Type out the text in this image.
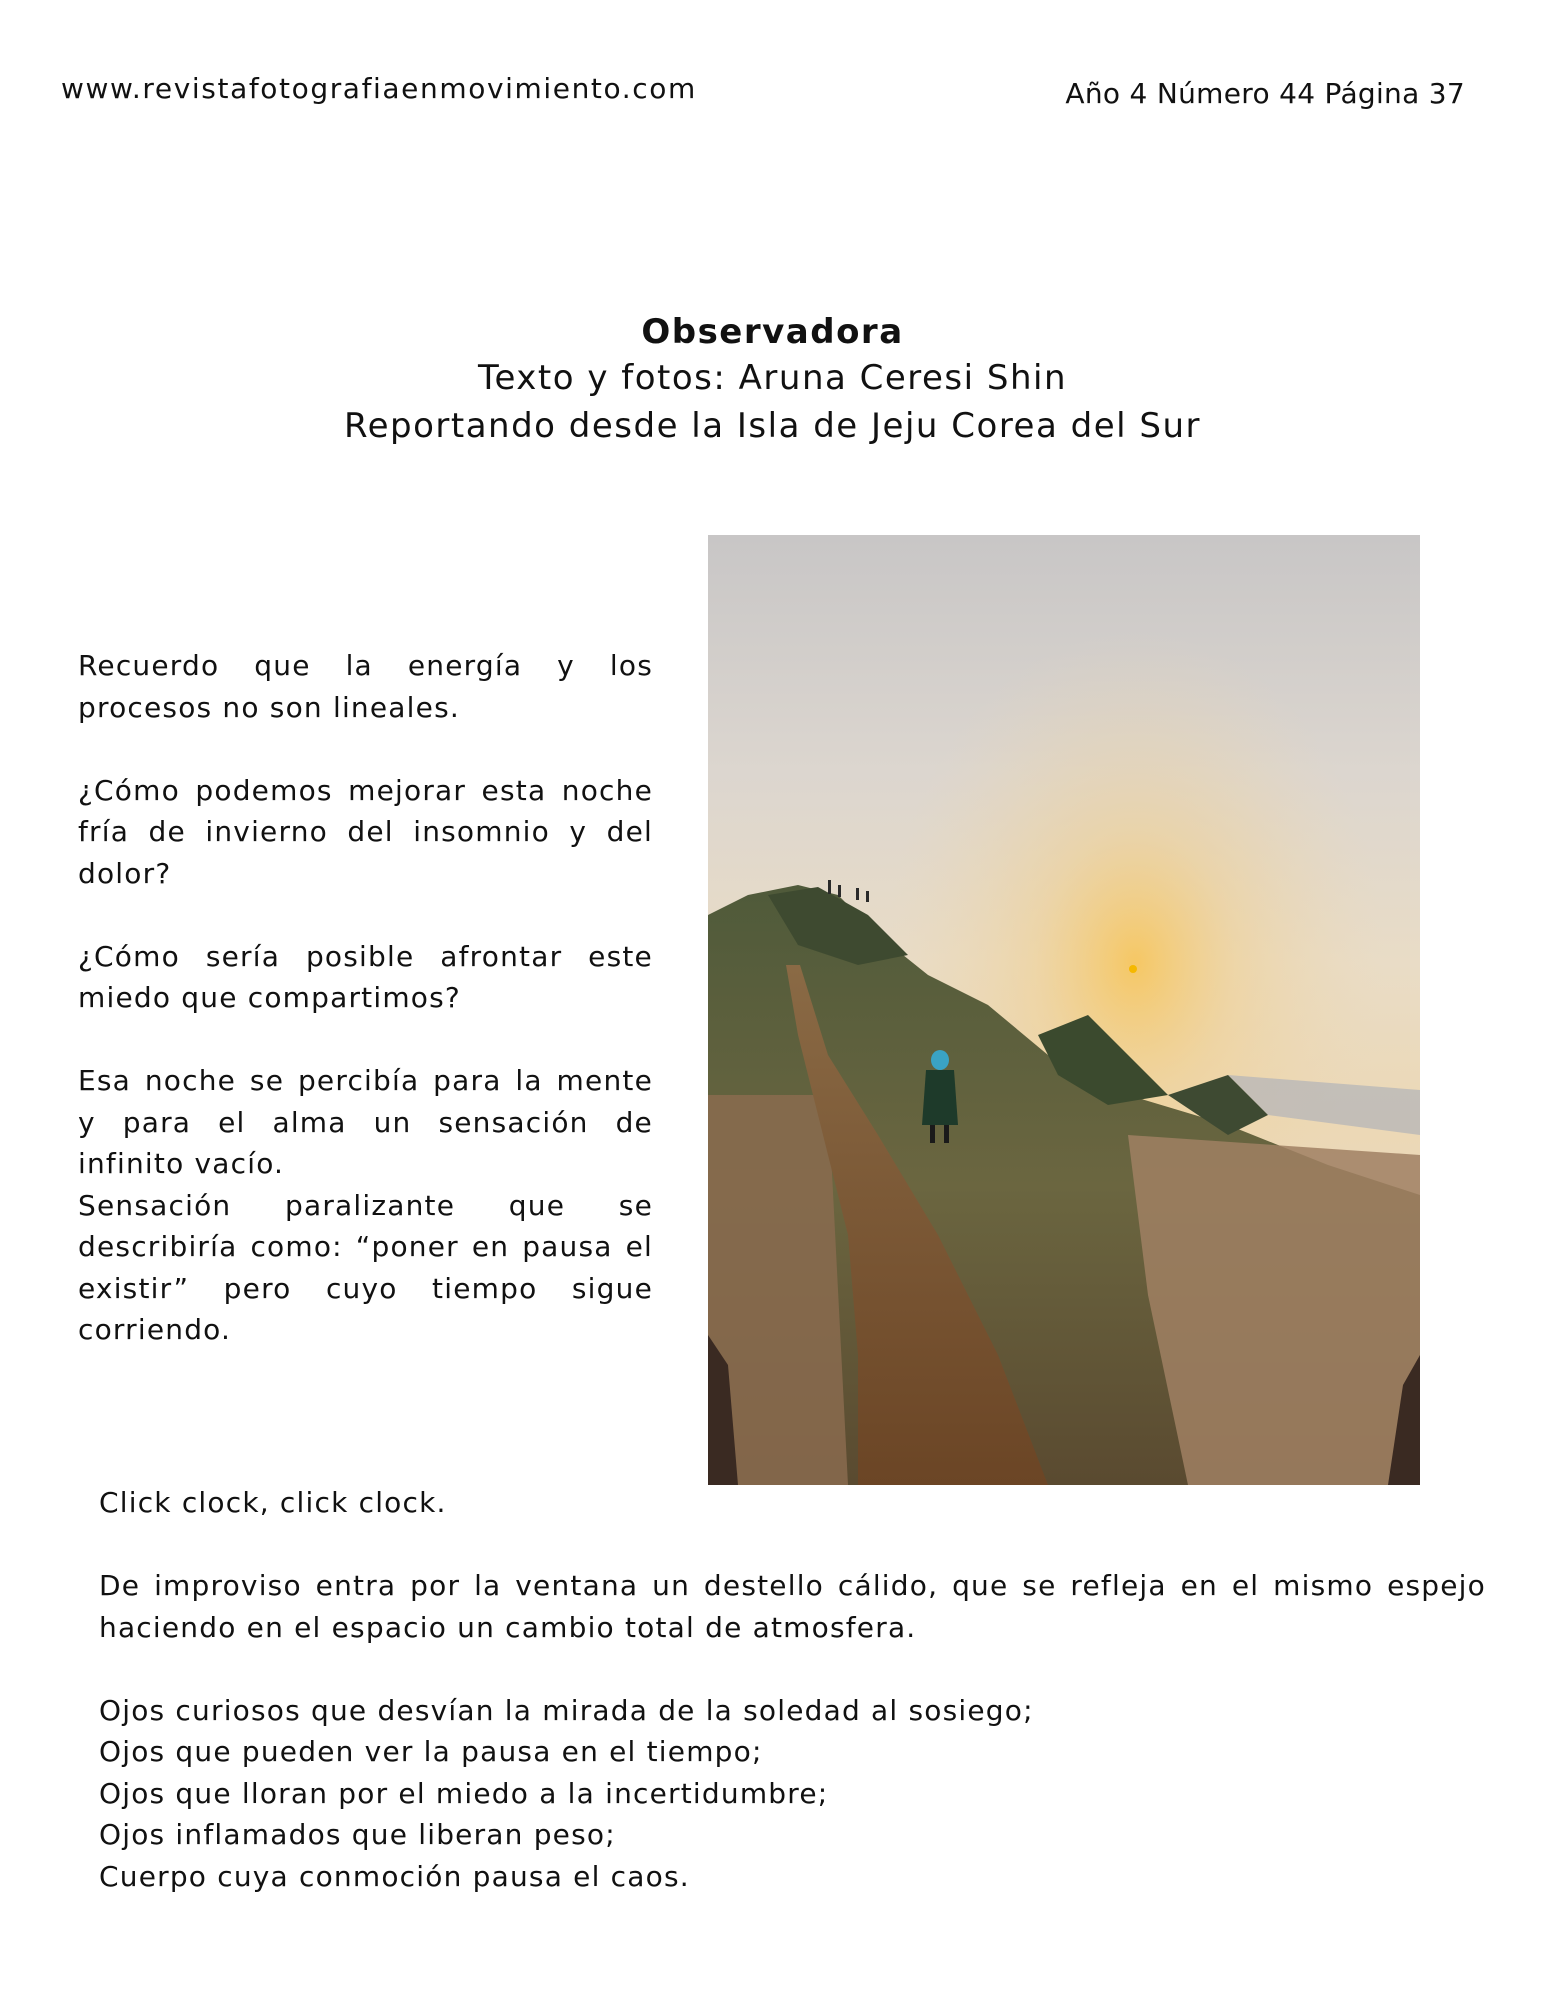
www.revistafotografiaenmovimiento.com	Año 4 Número 44 Página 37
Observadora
Texto y fotos: Aruna Ceresi Shin
Reportando desde la Isla de Jeju Corea del Sur

Recuerdo que la energía y los procesos no son lineales.

¿Cómo podemos mejorar esta noche fría de invierno del insomnio y del dolor?

¿Cómo sería posible afrontar este miedo que compartimos?

Esa noche se percibía para la mente y para el alma un sensación de infinito vacío.

Sensación paralizante que se describiría como: “poner en pausa el existir” pero cuyo tiempo sigue corriendo.

Click clock, click clock.

De improviso entra por la ventana un destello cálido, que se refleja en el mismo espejo haciendo en el espacio un cambio total de atmosfera.

Ojos curiosos que desvían la mirada de la soledad al sosiego;
Ojos que pueden ver la pausa en el tiempo;
Ojos que lloran por el miedo a la incertidumbre;
Ojos inflamados que liberan peso;
Cuerpo cuya conmoción pausa el caos.
